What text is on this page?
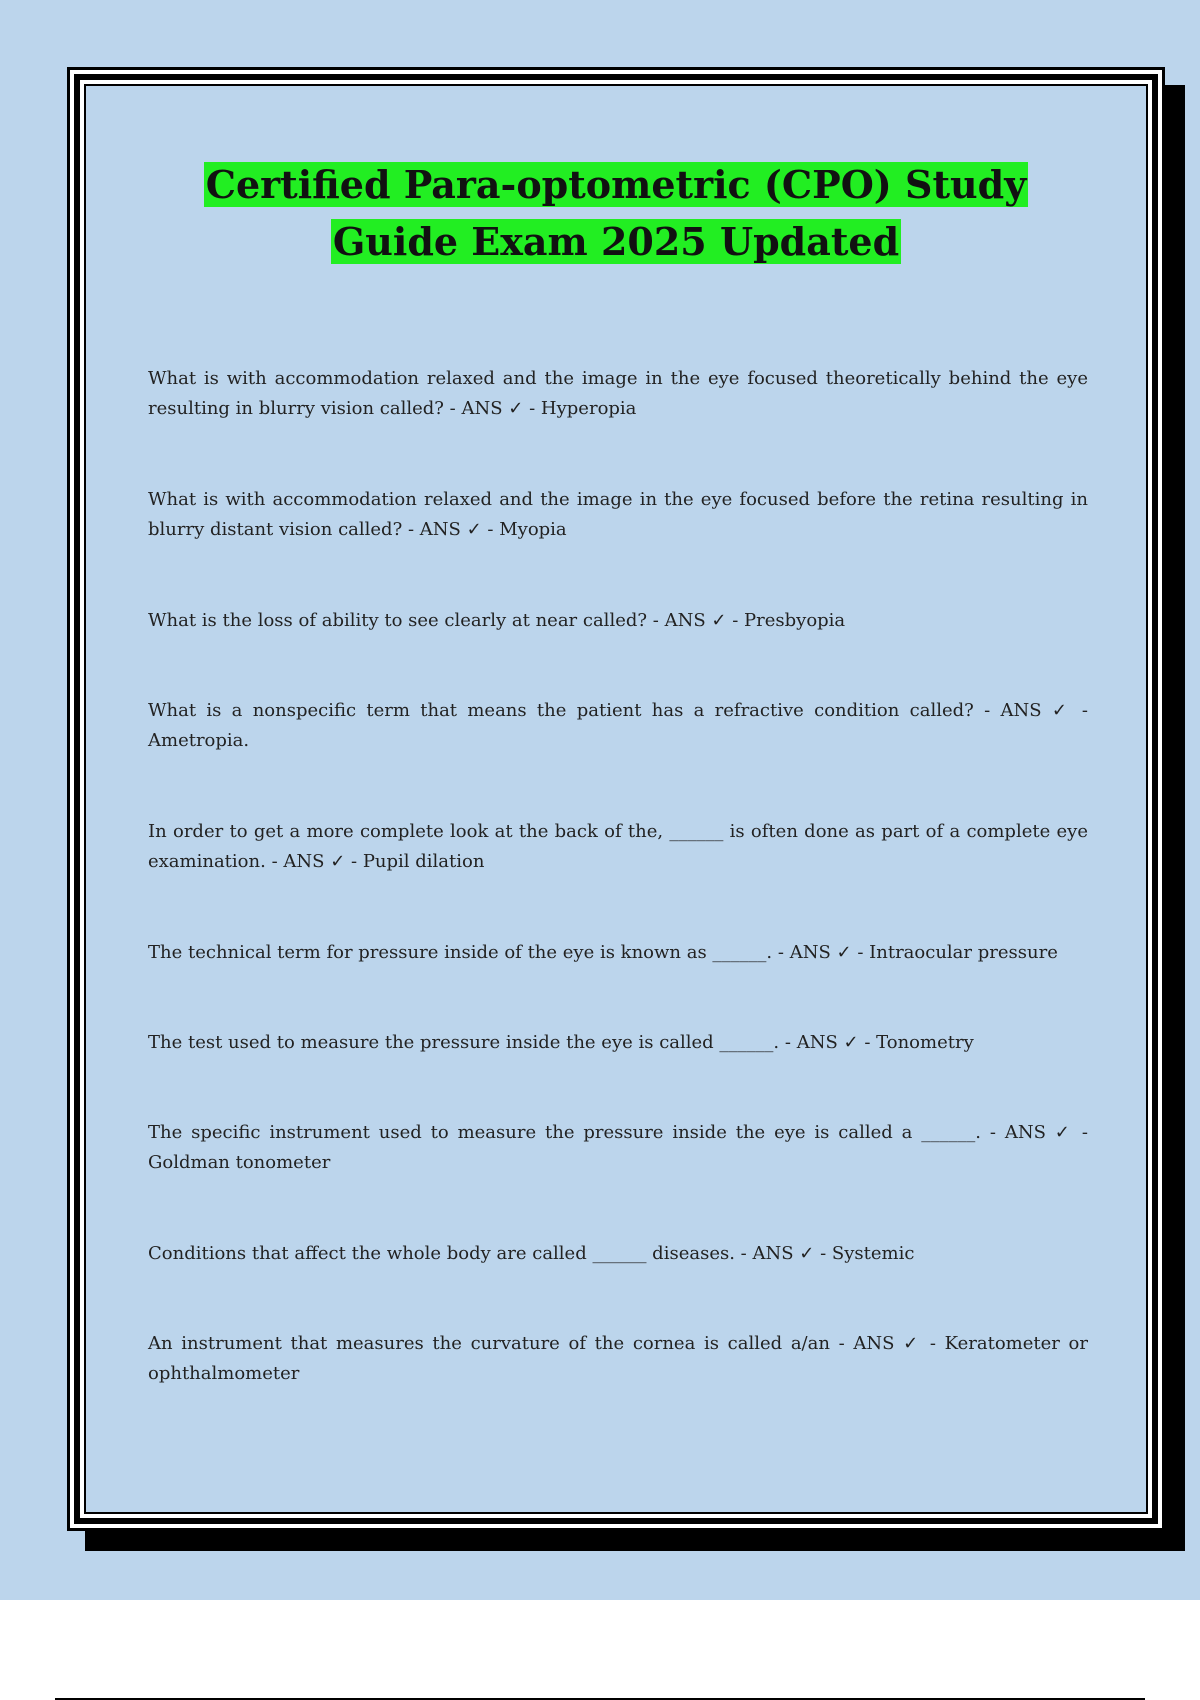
Certified Para-optometric (CPO) Study Guide Exam 2025 Updated
What is with accommodation relaxed and the image in the eye focused theoretically behind the eye resulting in blurry vision called? - ANS ✓ - Hyperopia
What is with accommodation relaxed and the image in the eye focused before the retina resulting in blurry distant vision called? - ANS ✓ - Myopia
What is the loss of ability to see clearly at near called? - ANS ✓ - Presbyopia
What is a nonspecific term that means the patient has a refractive condition called? - ANS ✓ - Ametropia.
In order to get a more complete look at the back of the, ______ is often done as part of a complete eye examination. - ANS ✓ - Pupil dilation
The technical term for pressure inside of the eye is known as ______. - ANS ✓ - Intraocular pressure
The test used to measure the pressure inside the eye is called ______. - ANS ✓ - Tonometry
The specific instrument used to measure the pressure inside the eye is called a ______. - ANS ✓ - Goldman tonometer
Conditions that affect the whole body are called ______ diseases. - ANS ✓ - Systemic
An instrument that measures the curvature of the cornea is called a/an - ANS ✓ - Keratometer or ophthalmometer
